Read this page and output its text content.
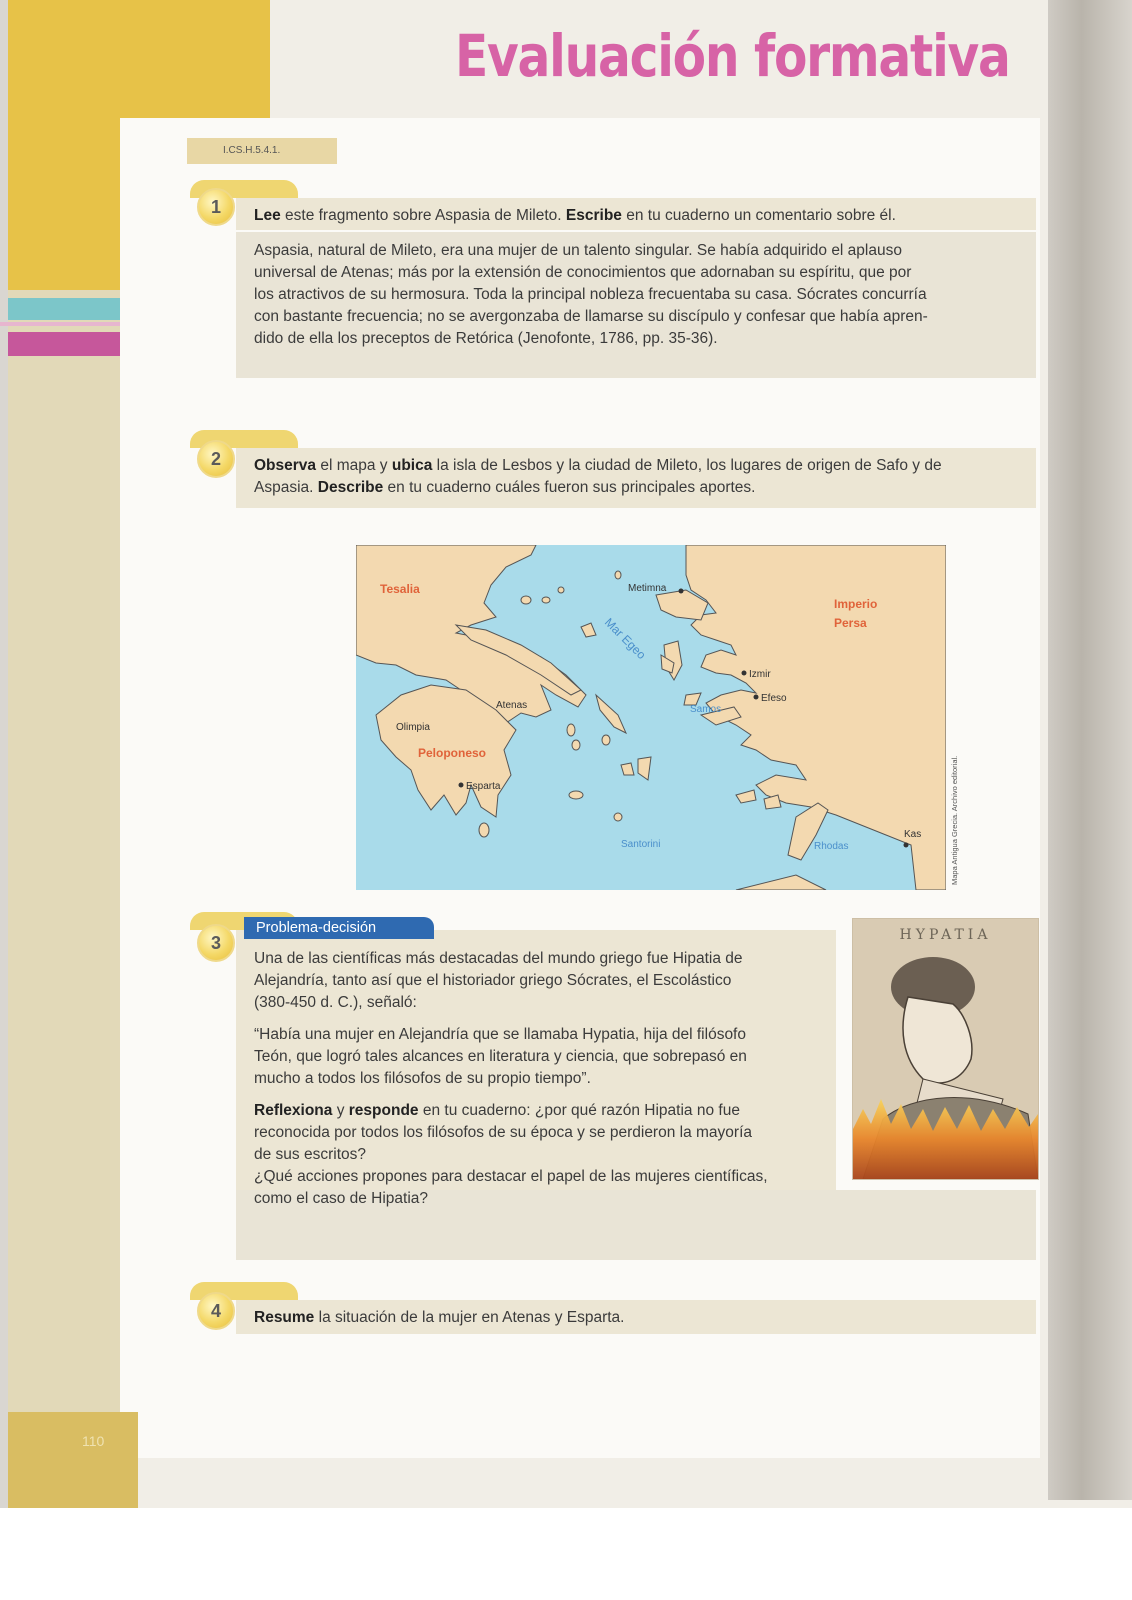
110
Evaluación formativa
I.CS.H.5.4.1.
1	Lee este fragmento sobre Aspasia de Mileto. Escribe en tu cuaderno un comentario sobre él.
Aspasia, natural de Mileto, era una mujer de un talento singular. Se había adquirido el aplauso
universal de Atenas; más por la extensión de conocimientos que adornaban su espíritu, que por
los atractivos de su hermosura. Toda la principal nobleza frecuentaba su casa. Sócrates concurría
con bastante frecuencia; no se avergonzaba de llamarse su discípulo y confesar que había apren-
dido de ella los preceptos de Retórica (Jenofonte, 1786, pp. 35-36).
2	Observa el mapa y ubica la isla de Lesbos y la ciudad de Mileto, los lugares de origen de Safo y de
Aspasia. Describe en tu cuaderno cuáles fueron sus principales aportes.
Tesalia
Imperio
Persa
Peloponeso
Mar Egeo
Metimna
Izmir
Efeso
Samos
Atenas
Olimpia
Esparta
Santorini	Rhodas
Kas	Mapa Antigua Grecia. Archivo editorial.
3
Problema-decisión
Una de las científicas más destacadas del mundo griego fue Hipatia de
Alejandría, tanto así que el historiador griego Sócrates, el Escolástico
(380-450 d. C.), señaló:
“Había una mujer en Alejandría que se llamaba Hypatia, hija del filósofo
Teón, que logró tales alcances en literatura y ciencia, que sobrepasó en
mucho a todos los filósofos de su propio tiempo”.
Reflexiona y responde en tu cuaderno: ¿por qué razón Hipatia no fue
reconocida por todos los filósofos de su época y se perdieron la mayoría
de sus escritos?
¿Qué acciones propones para destacar el papel de las mujeres científicas,
como el caso de Hipatia?
HYPATIA
4	Resume la situación de la mujer en Atenas y Esparta.
